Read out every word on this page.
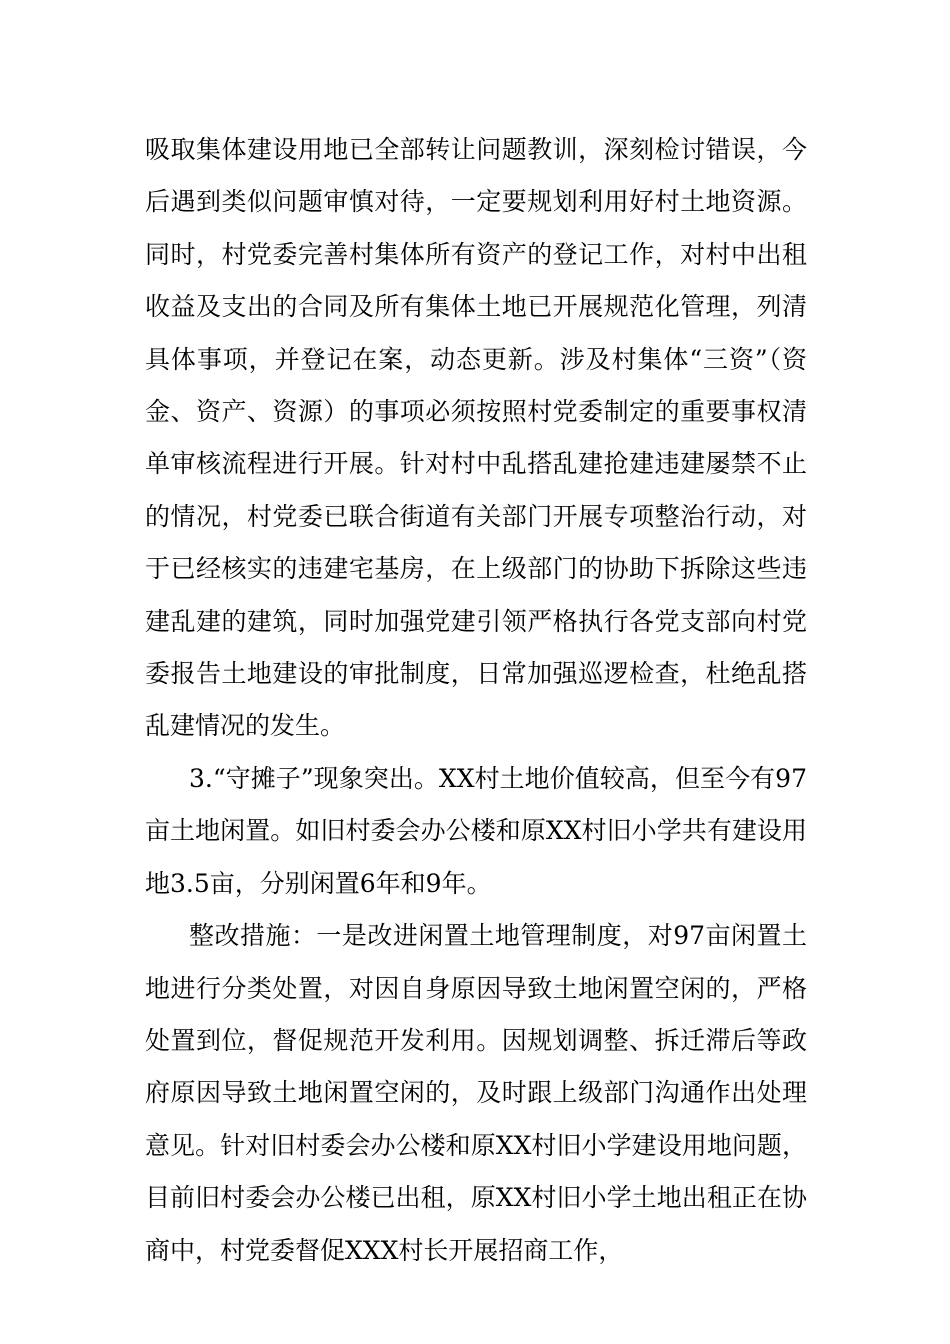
吸取集体建设用地已全部转让问题教训，深刻检讨错误，今后遇到类似问题审慎对待，一定要规划利用好村土地资源。同时，村党委完善村集体所有资产的登记工作，对村中出租收益及支出的合同及所有集体土地已开展规范化管理，列清具体事项，并登记在案，动态更新。涉及村集体“三资”（资金、资产、资源）的事项必须按照村党委制定的重要事权清单审核流程进行开展。针对村中乱搭乱建抢建违建屡禁不止的情况，村党委已联合街道有关部门开展专项整治行动，对于已经核实的违建宅基房，在上级部门的协助下拆除这些违建乱建的建筑，同时加强党建引领严格执行各党支部向村党委报告土地建设的审批制度，日常加强巡逻检查，杜绝乱搭乱建情况的发生。

3.“守摊子”现象突出。XX村土地价值较高，但至今有97亩土地闲置。如旧村委会办公楼和原XX村旧小学共有建设用地3.5亩，分别闲置6年和9年。

整改措施：一是改进闲置土地管理制度，对97亩闲置土地进行分类处置，对因自身原因导致土地闲置空闲的，严格处置到位，督促规范开发利用。因规划调整、拆迁滞后等政府原因导致土地闲置空闲的，及时跟上级部门沟通作出处理意见。针对旧村委会办公楼和原XX村旧小学建设用地问题，目前旧村委会办公楼已出租，原XX村旧小学土地出租正在协商中，村党委督促XXX村长开展招商工作，
